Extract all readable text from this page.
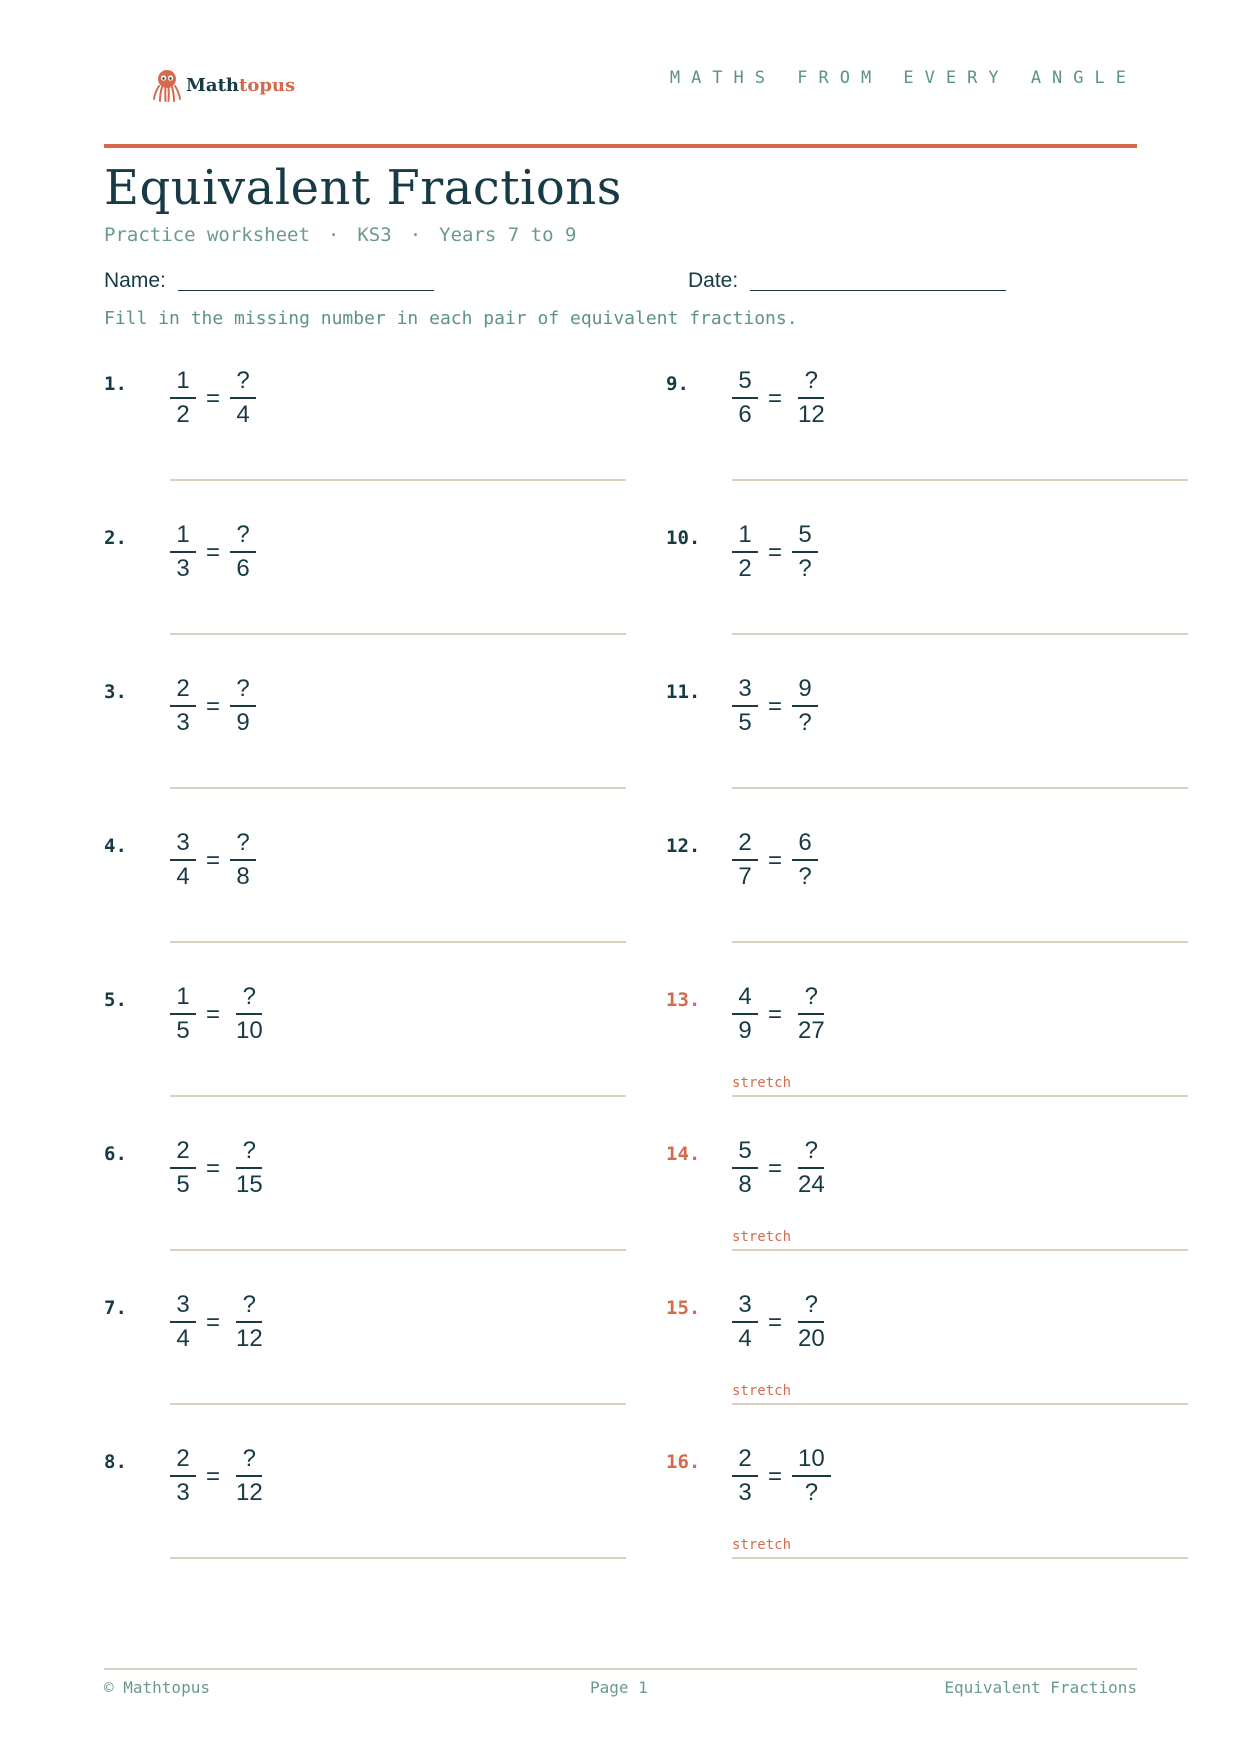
Mathtopus	MATHS FROM EVERY ANGLE
Equivalent Fractions
Practice worksheet · KS3 · Years 7 to 9
Name:	Date:
Fill in the missing number in each pair of equivalent fractions.
1. $\frac{1}{2} = \frac{?}{4}$
2. $\frac{1}{3} = \frac{?}{6}$
3. $\frac{2}{3} = \frac{?}{9}$
4. $\frac{3}{4} = \frac{?}{8}$
5. $\frac{1}{5} = \frac{?}{10}$
6. $\frac{2}{5} = \frac{?}{15}$
7. $\frac{3}{4} = \frac{?}{12}$
8. $\frac{2}{3} = \frac{?}{12}$
9. $\frac{5}{6} = \frac{?}{12}$
10. $\frac{1}{2} = \frac{5}{?}$
11. $\frac{3}{5} = \frac{9}{?}$
12. $\frac{2}{7} = \frac{6}{?}$
13. $\frac{4}{9} = \frac{?}{27}$
stretch
14. $\frac{5}{8} = \frac{?}{24}$
stretch
15. $\frac{3}{4} = \frac{?}{20}$
stretch
16. $\frac{2}{3} = \frac{10}{?}$
stretch
© Mathtopus	Page 1	Equivalent Fractions
